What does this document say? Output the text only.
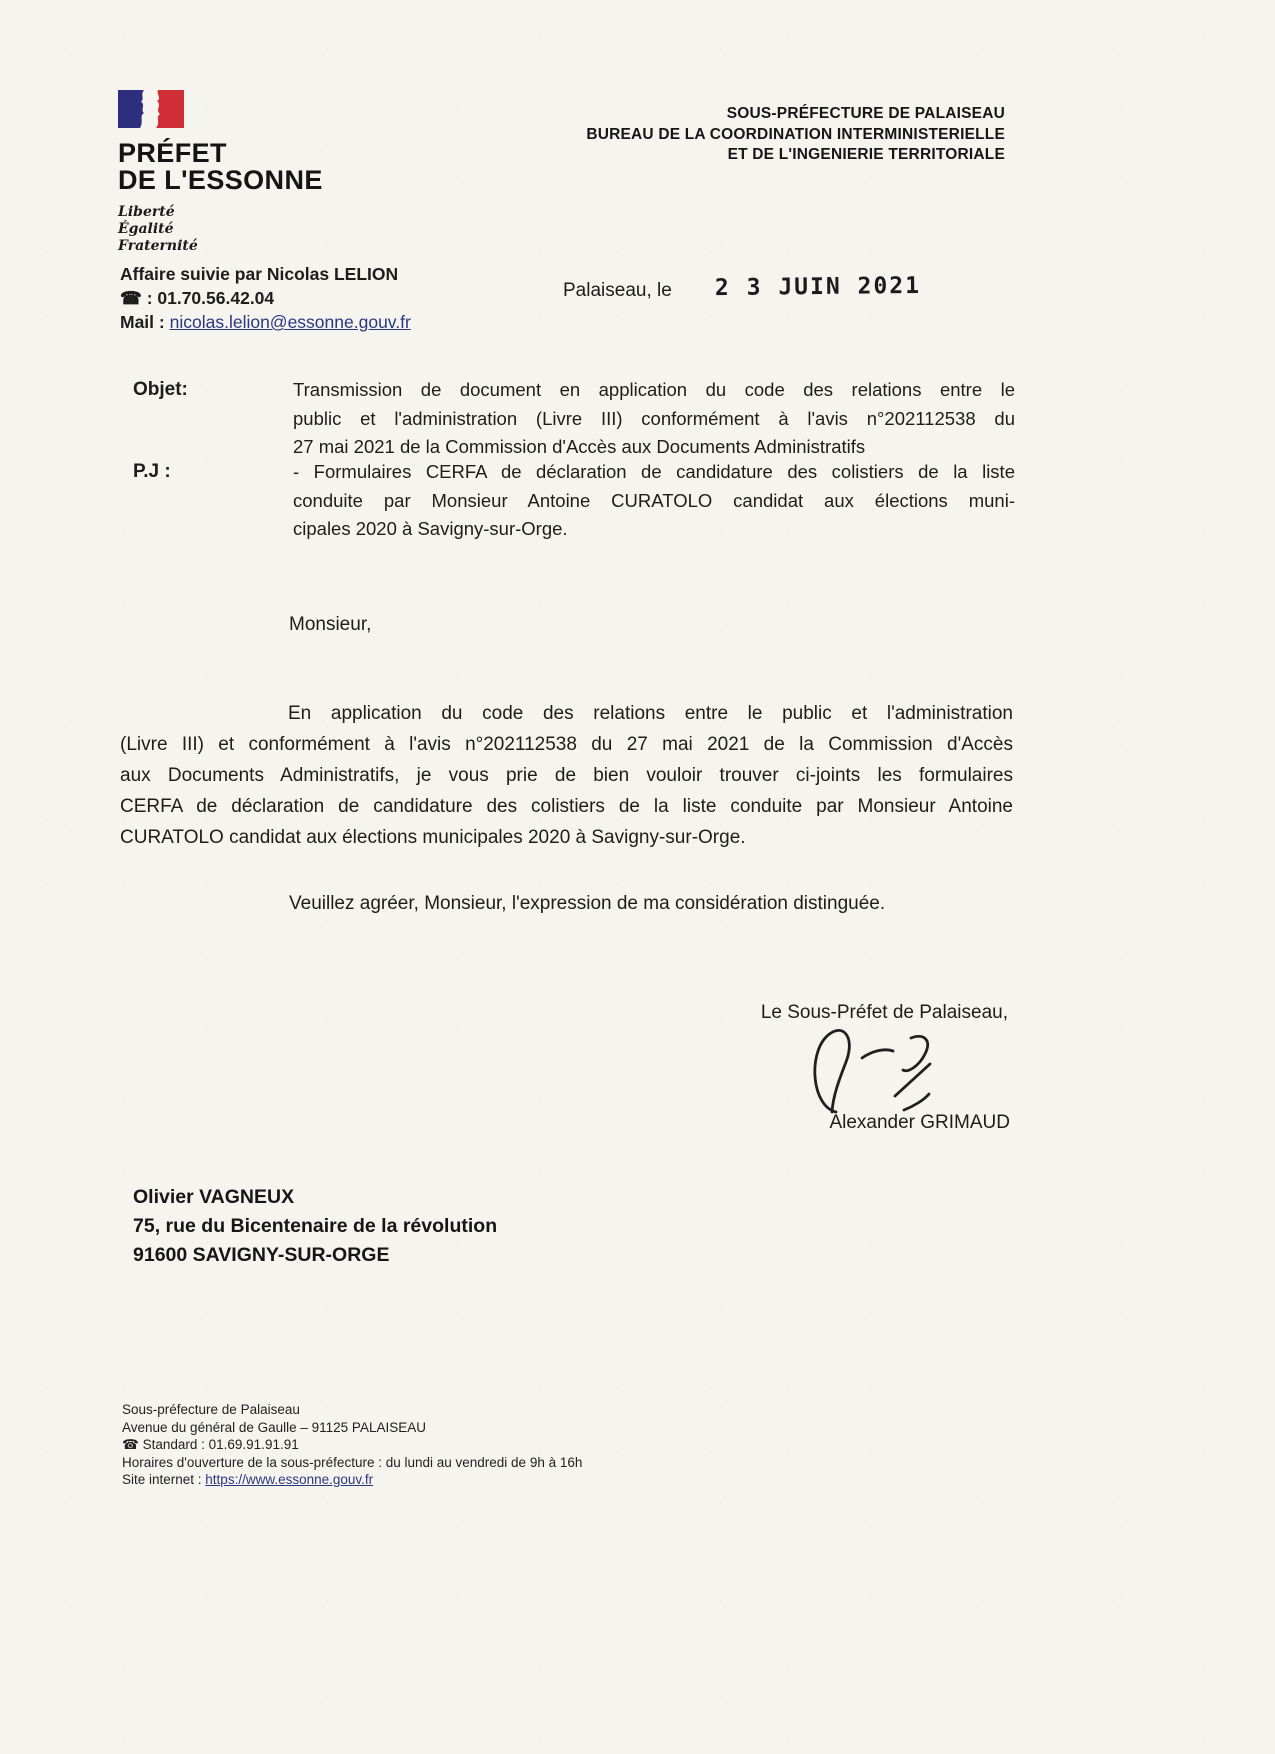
PRÉFET
DE L'ESSONNE
Liberté
Égalité
Fraternité
SOUS-PRÉFECTURE DE PALAISEAU
BUREAU DE LA COORDINATION INTERMINISTERIELLE
ET DE L'INGENIERIE TERRITORIALE
Affaire suivie par Nicolas LELION
☎ : 01.70.56.42.04
Mail : nicolas.lelion@essonne.gouv.fr
Palaiseau, le 2 3 JUIN 2021
Objet:	Transmission de document en application du code des relations entre le
public et l'administration (Livre III) conformément à l'avis n°202112538 du
27 mai 2021 de la Commission d'Accès aux Documents Administratifs
P.J :	- Formulaires CERFA de déclaration de candidature des colistiers de la liste
conduite par Monsieur Antoine CURATOLO candidat aux élections muni-
cipales 2020 à Savigny-sur-Orge.
Monsieur,
En application du code des relations entre le public et l'administration
(Livre III) et conformément à l'avis n°202112538 du 27 mai 2021 de la Commission d'Accès
aux Documents Administratifs, je vous prie de bien vouloir trouver ci-joints les formulaires
CERFA de déclaration de candidature des colistiers de la liste conduite par Monsieur Antoine
CURATOLO candidat aux élections municipales 2020 à Savigny-sur-Orge.
Veuillez agréer, Monsieur, l'expression de ma considération distinguée.
Le Sous-Préfet de Palaiseau,
Alexander GRIMAUD
Olivier VAGNEUX
75, rue du Bicentenaire de la révolution
91600 SAVIGNY-SUR-ORGE
Sous-préfecture de Palaiseau
Avenue du général de Gaulle – 91125 PALAISEAU
☎ Standard : 01.69.91.91.91
Horaires d'ouverture de la sous-préfecture : du lundi au vendredi de 9h à 16h
Site internet : https://www.essonne.gouv.fr
